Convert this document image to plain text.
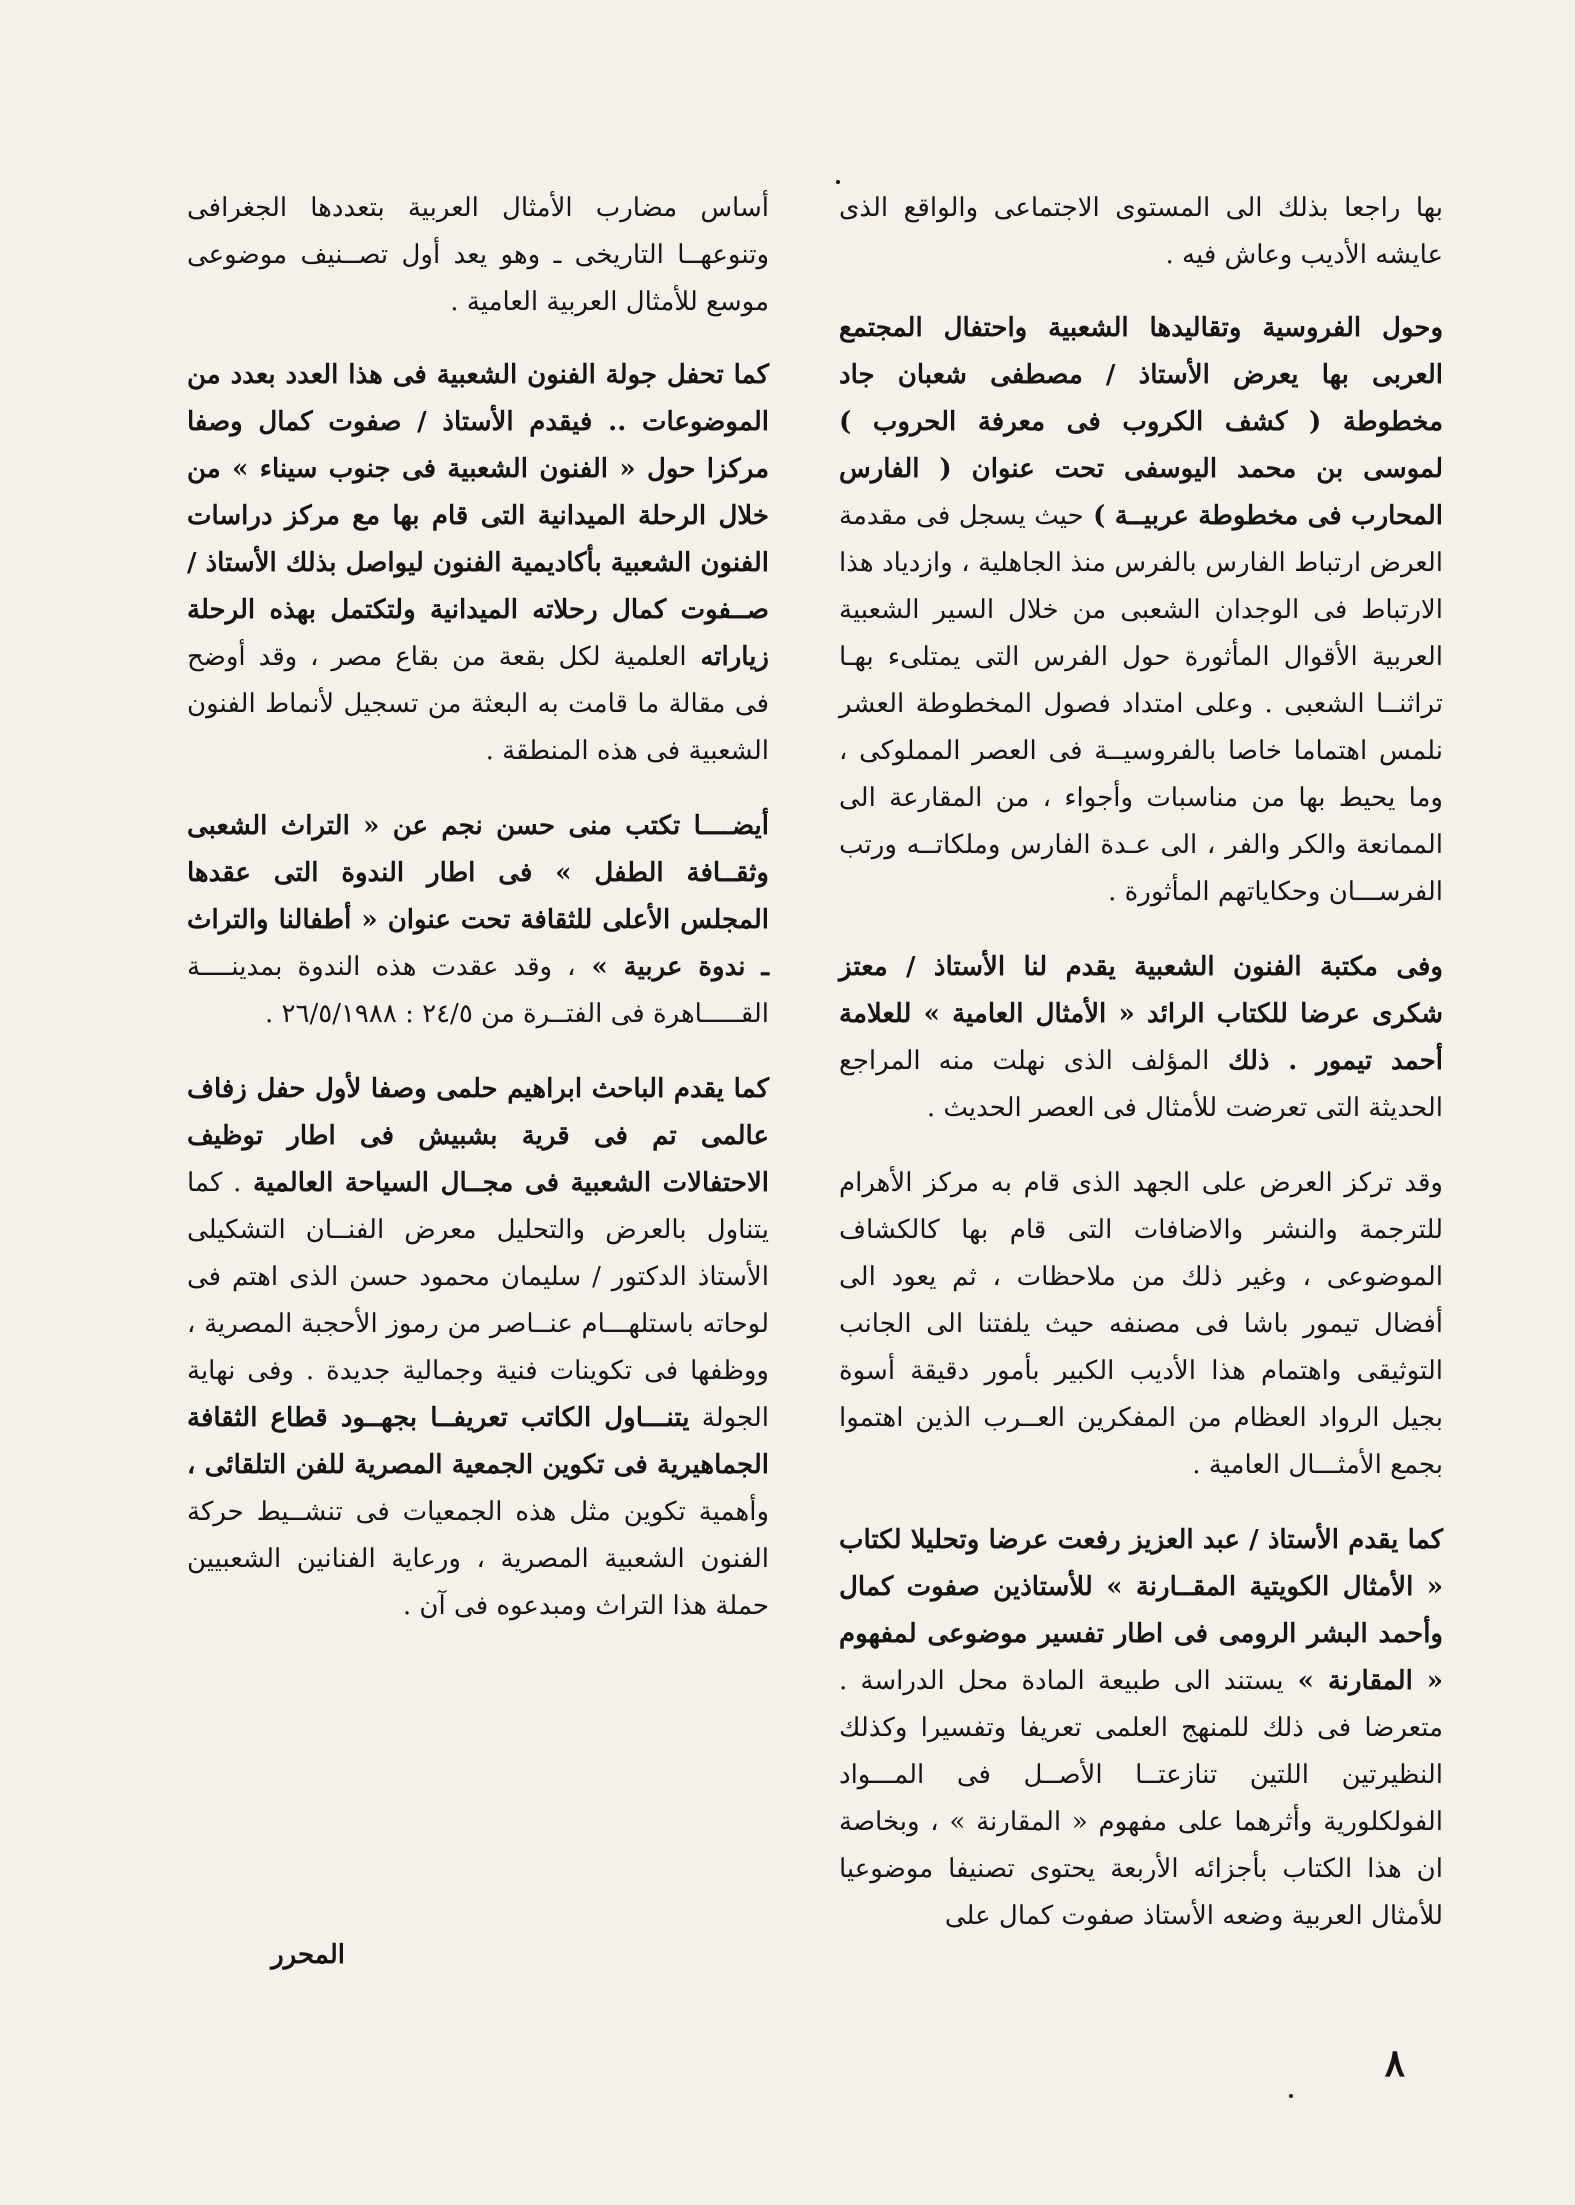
بها راجعا بذلك الى المستوى الاجتماعى والواقع الذى عايشه الأديب وعاش فيه .

وحول الفروسية وتقاليدها الشعبية واحتفال المجتمع العربى بها يعرض الأستاذ / مصطفى شعبان جاد مخطوطة ( كشف الكروب فى معرفة الحروب ) لموسى بن محمد اليوسفى تحت عنوان ( الفارس المحارب فى مخطوطة عربيــة ) حيث يسجل فى مقدمة العرض ارتباط الفارس بالفرس منذ الجاهلية ، وازدياد هذا الارتباط فى الوجدان الشعبى من خلال السير الشعبية العربية الأقوال المأثورة حول الفرس التى يمتلىء بهـا تراثنــا الشعبى . وعلى امتداد فصول المخطوطة العشر نلمس اهتماما خاصا بالفروسيــة فى العصر المملوكى ، وما يحيط بها من مناسبات وأجواء ، من المقارعة الى الممانعة والكر والفر ، الى عـدة الفارس وملكاتــه ورتب الفرســـان وحكاياتهم المأثورة .

وفى مكتبة الفنون الشعبية يقدم لنا الأستاذ / معتز شكرى عرضا للكتاب الرائد « الأمثال العامية » للعلامة أحمد تيمور . ذلك المؤلف الذى نهلت منه المراجع الحديثة التى تعرضت للأمثال فى العصر الحديث .

وقد تركز العرض على الجهد الذى قام به مركز الأهرام للترجمة والنشر والاضافات التى قام بها كالكشاف الموضوعى ، وغير ذلك من ملاحظات ، ثم يعود الى أفضال تيمور باشا فى مصنفه حيث يلفتنا الى الجانب التوثيقى واهتمام هذا الأديب الكبير بأمور دقيقة أسوة بجيل الرواد العظام من المفكرين العــرب الذين اهتموا بجمع الأمثـــال العامية .

كما يقدم الأستاذ / عبد العزيز رفعت عرضا وتحليلا لكتاب « الأمثال الكويتية المقــارنة » للأستاذين صفوت كمال وأحمد البشر الرومى فى اطار تفسير موضوعى لمفهوم « المقارنة » يستند الى طبيعة المادة محل الدراسة . متعرضا فى ذلك للمنهج العلمى تعريفا وتفسيرا وكذلك النظيرتين اللتين تنازعتــا الأصــل فى المـــواد الفولكلورية وأثرهما على مفهوم « المقارنة » ، وبخاصة ان هذا الكتاب بأجزائه الأربعة يحتوى تصنيفا موضوعيا للأمثال العربية وضعه الأستاذ صفوت كمال على

أساس مضارب الأمثال العربية بتعددها الجغرافى وتنوعهــا التاريخى ـ وهو يعد أول تصــنيف موضوعى موسع للأمثال العربية العامية .

كما تحفل جولة الفنون الشعبية فى هذا العدد بعدد من الموضوعات .. فيقدم الأستاذ / صفوت كمال وصفا مركزا حول « الفنون الشعبية فى جنوب سيناء » من خلال الرحلة الميدانية التى قام بها مع مركز دراسات الفنون الشعبية بأكاديمية الفنون ليواصل بذلك الأستاذ / صــفوت كمال رحلاته الميدانية ولتكتمل بهذه الرحلة زياراته العلمية لكل بقعة من بقاع مصر ، وقد أوضح فى مقالة ما قامت به البعثة من تسجيل لأنماط الفنون الشعبية فى هذه المنطقة .

أيضــــا تكتب منى حسن نجم عن « التراث الشعبى وثقــافة الطفل » فى اطار الندوة التى عقدها المجلس الأعلى للثقافة تحت عنوان « أطفالنا والتراث ـ ندوة عربية » ، وقد عقدت هذه الندوة بمدينــــة القـــــاهرة فى الفتــرة من ٢٤/٥ : ٢٦/٥/١٩٨٨ .

كما يقدم الباحث ابراهيم حلمى وصفا لأول حفل زفاف عالمى تم فى قرية بشبيش فى اطار توظيف الاحتفالات الشعبية فى مجــال السياحة العالمية . كما يتناول بالعرض والتحليل معرض الفنــان التشكيلى الأستاذ الدكتور / سليمان محمود حسن الذى اهتم فى لوحاته باستلهـــام عنــاصر من رموز الأحجبة المصرية ، ووظفها فى تكوينات فنية وجمالية جديدة . وفى نهاية الجولة يتنـــاول الكاتب تعريفــا بجهــود قطاع الثقافة الجماهيرية فى تكوين الجمعية المصرية للفن التلقائى ، وأهمية تكوين مثل هذه الجمعيات فى تنشــيط حركة الفنون الشعبية المصرية ، ورعاية الفنانين الشعبيين حملة هذا التراث ومبدعوه فى آن .

المحرر
٨
